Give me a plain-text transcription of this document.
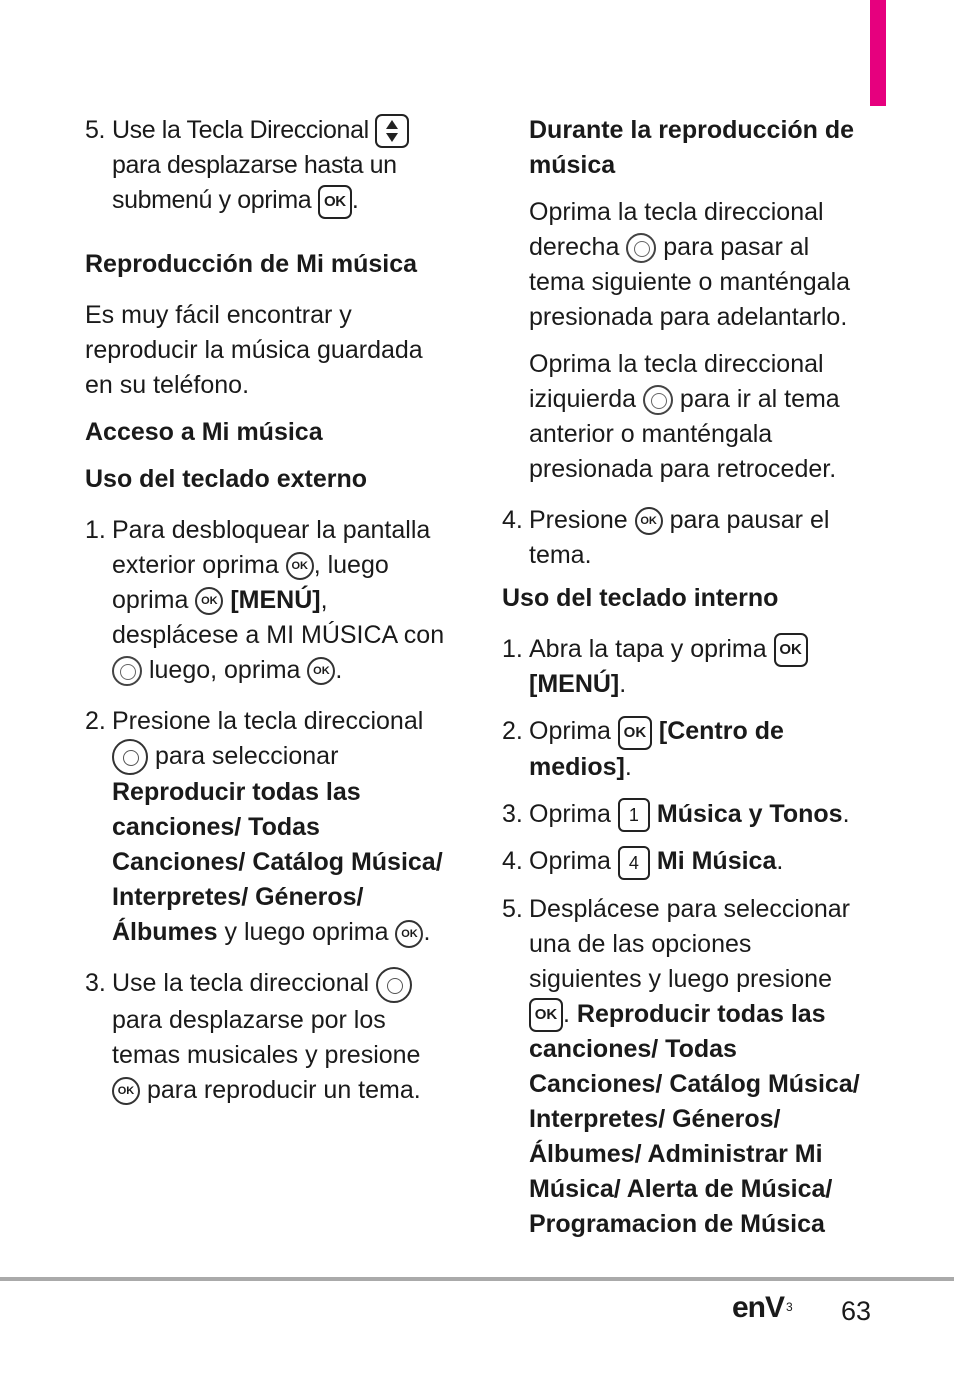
5. Use la Tecla Direccional  para desplazarse hasta un submenú y oprima OK .

Reproducción de Mi música

Es muy fácil encontrar y reproducir la música guardada en su teléfono.

Acceso a Mi música

Uso del teclado externo

1. Para desbloquear la pantalla exterior oprima OK , luego oprima OK [MENÚ], desplácese a MI MÚSICA con  luego, oprima OK .
2. Presione la tecla direccional  para seleccionar Reproducir todas las canciones/ Todas Canciones/ Catálog Música/ Interpretes/ Géneros/ Álbumes y luego oprima OK .
3. Use la tecla direccional  para desplazarse por los temas musicales y presione OK para reproducir un tema.

Durante la reproducción de música

Oprima la tecla direccional derecha para pasar al tema siguiente o manténgala presionada para adelantarlo.

Oprima la tecla direccional iziquierda para ir al tema anterior o manténgala presionada para retroceder.

4. Presione OK para pausar el tema.

Uso del teclado interno

1. Abra la tapa y oprima OK [MENÚ].
2. Oprima OK [Centro de medios].
3. Oprima 1 Música y Tonos.
4. Oprima 4 Mi Música.
5. Desplácese para seleccionar una de las opciones siguientes y luego presione OK . Reproducir todas las canciones/ Todas Canciones/ Catálog Música/ Interpretes/ Géneros/ Álbumes/ Administrar Mi Música/ Alerta de Música/ Programacion de Música
enV $^3$ 63
